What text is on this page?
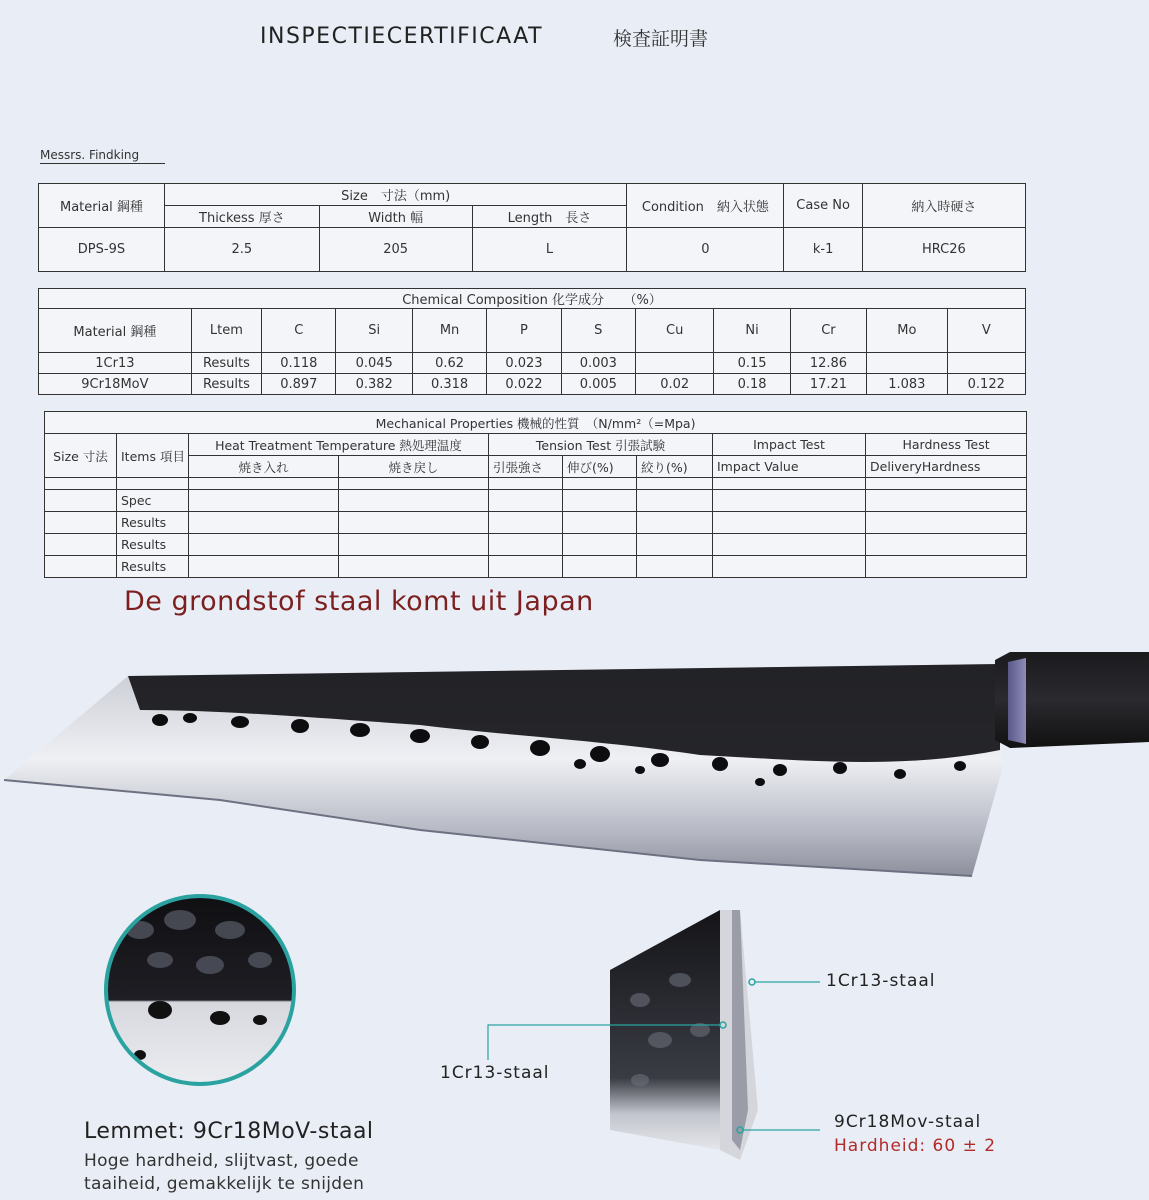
INSPECTIECERTIFICAAT	検査証明書
Messrs. Findking
Material 鋼種	Size　寸法（mm)			Condition　納入状態	Case No	納入時硬さ
	Thickess 厚さ	Width 幅	Length　長さ			
DPS-9S	2.5	205	L	0	k-1	HRC26
Chemical Composition 化学成分　　（%）											
Material 鋼種	Ltem	C	Si	Mn	P	S	Cu	Ni	Cr	Mo	V
1Cr13	Results	0.118	0.045	0.62	0.023	0.003		0.15	12.86		
9Cr18MoV	Results	0.897	0.382	0.318	0.022	0.005	0.02	0.18	17.21	1.083	0.122
Mechanical Properties 機械的性質　（N/mm²（=Mpa)								
Size 寸法	Items 項目	Heat Treatment Temperature 熱処理温度		Tension Test 引張試験			Impact Test	Hardness Test
		焼き入れ	焼き戻し	引張強さ	伸び(%)	絞り(%)	Impact Value	DeliveryHardness

	Spec							
	Results							
	Results							
	Results							
De grondstof staal komt uit Japan
1Cr13-staal
1Cr13-staal
9Cr18Mov-staal
Hardheid: 60 ± 2
Lemmet: 9Cr18MoV-staal
Hoge hardheid, slijtvast, goede
taaiheid, gemakkelijk te snijden
